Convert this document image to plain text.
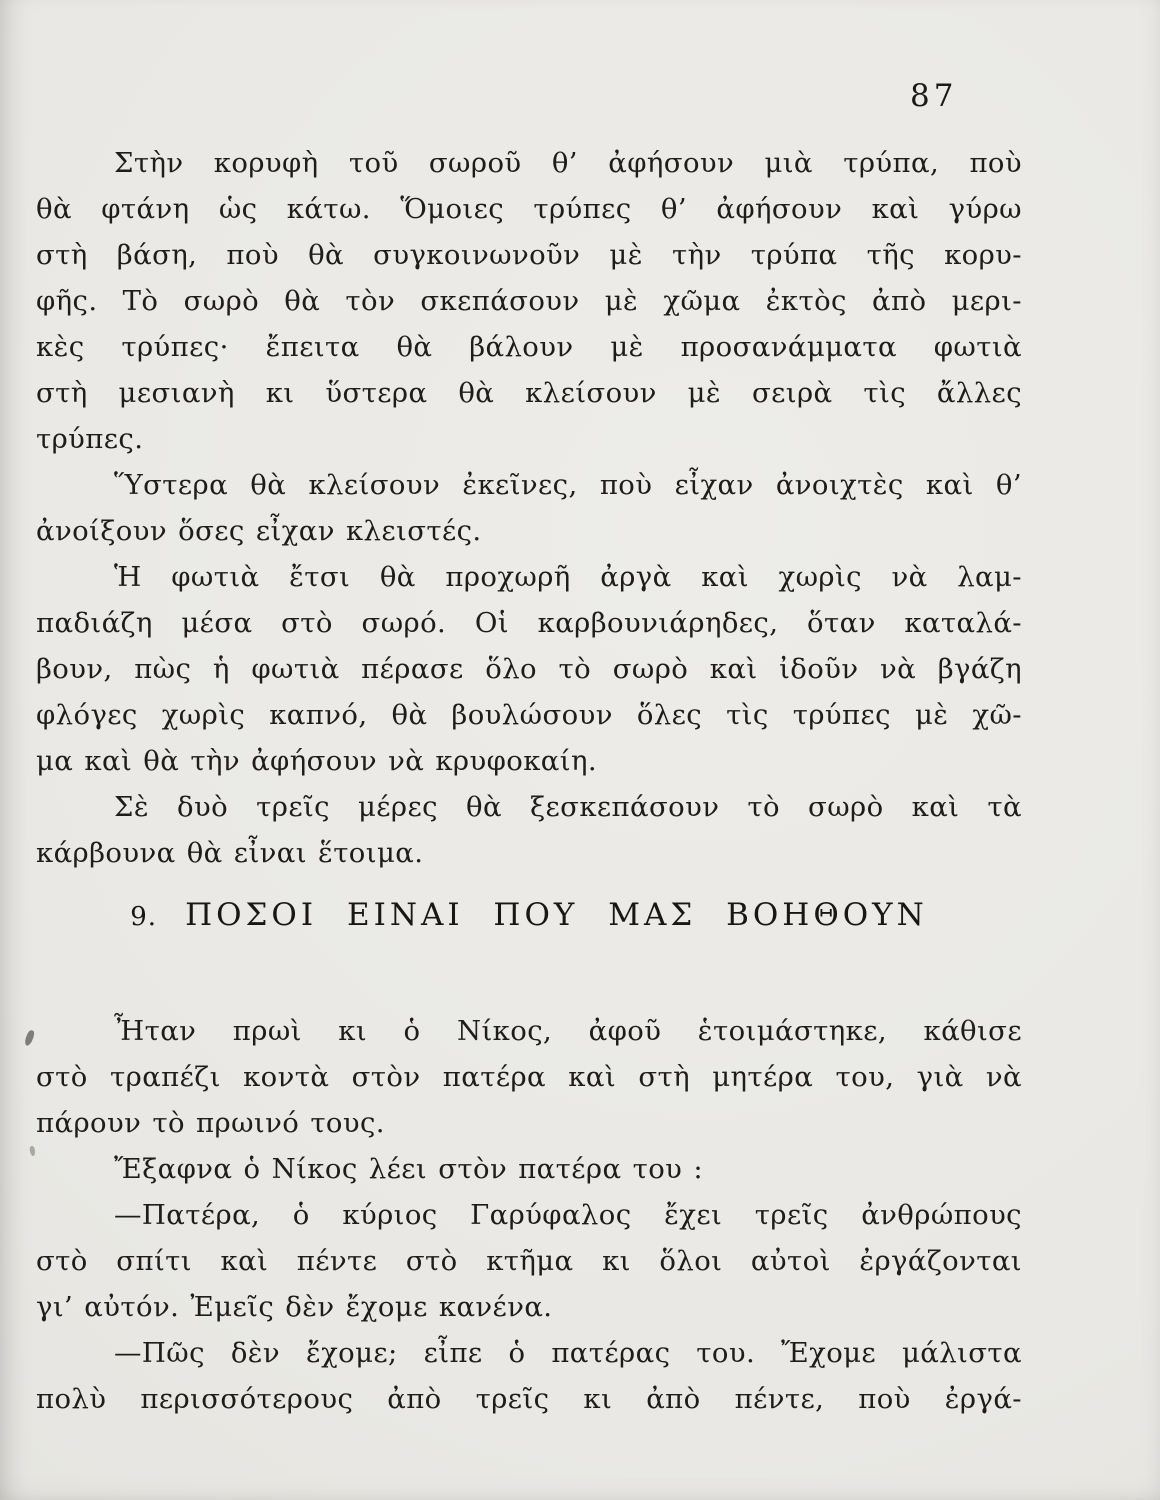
87
Στὴν κορυφὴ τοῦ σωροῦ θ’ ἀφήσουν μιὰ τρύπα, ποὺ
θὰ φτάνη ὡς κάτω. Ὅμοιες τρύπες θ’ ἀφήσουν καὶ γύρω
στὴ βάση, ποὺ θὰ συγκοινωνοῦν μὲ τὴν τρύπα τῆς κορυ-
φῆς. Τὸ σωρὸ θὰ τὸν σκεπάσουν μὲ χῶμα ἐκτὸς ἀπὸ μερι-
κὲς τρύπες· ἔπειτα θὰ βάλουν μὲ προσανάμματα φωτιὰ
στὴ μεσιανὴ κι ὕστερα θὰ κλείσουν μὲ σειρὰ τὶς ἄλλες
τρύπες.
Ὕστερα θὰ κλείσουν ἐκεῖνες, ποὺ εἶχαν ἀνοιχτὲς καὶ θ’
ἀνοίξουν ὅσες εἶχαν κλειστές.
Ἡ φωτιὰ ἔτσι θὰ προχωρῆ ἀργὰ καὶ χωρὶς νὰ λαμ-
παδιάζη μέσα στὸ σωρό. Οἱ καρβουνιάρηδες, ὅταν καταλά-
βουν, πὼς ἡ φωτιὰ πέρασε ὅλο τὸ σωρὸ καὶ ἰδοῦν νὰ βγάζη
φλόγες χωρὶς καπνό, θὰ βουλώσουν ὅλες τὶς τρύπες μὲ χῶ-
μα καὶ θὰ τὴν ἀφήσουν νὰ κρυφοκαίη.
Σὲ δυὸ τρεῖς μέρες θὰ ξεσκεπάσουν τὸ σωρὸ καὶ τὰ
κάρβουνα θὰ εἶναι ἕτοιμα.
9. ΠΟΣΟΙ ΕΙΝΑΙ ΠΟΥ ΜΑΣ ΒΟΗΘΟΥΝ
Ἦταν πρωὶ κι ὁ Νίκος, ἀφοῦ ἑτοιμάστηκε, κάθισε
στὸ τραπέζι κοντὰ στὸν πατέρα καὶ στὴ μητέρα του, γιὰ νὰ
πάρουν τὸ πρωινό τους.
Ἔξαφνα ὁ Νίκος λέει στὸν πατέρα του :
—Πατέρα, ὁ κύριος Γαρύφαλος ἔχει τρεῖς ἀνθρώπους
στὸ σπίτι καὶ πέντε στὸ κτῆμα κι ὅλοι αὐτοὶ ἐργάζονται
γι’ αὐτόν. Ἐμεῖς δὲν ἔχομε κανένα.
—Πῶς δὲν ἔχομε; εἶπε ὁ πατέρας του. Ἔχομε μάλιστα
πολὺ περισσότερους ἀπὸ τρεῖς κι ἀπὸ πέντε, ποὺ ἐργά-
